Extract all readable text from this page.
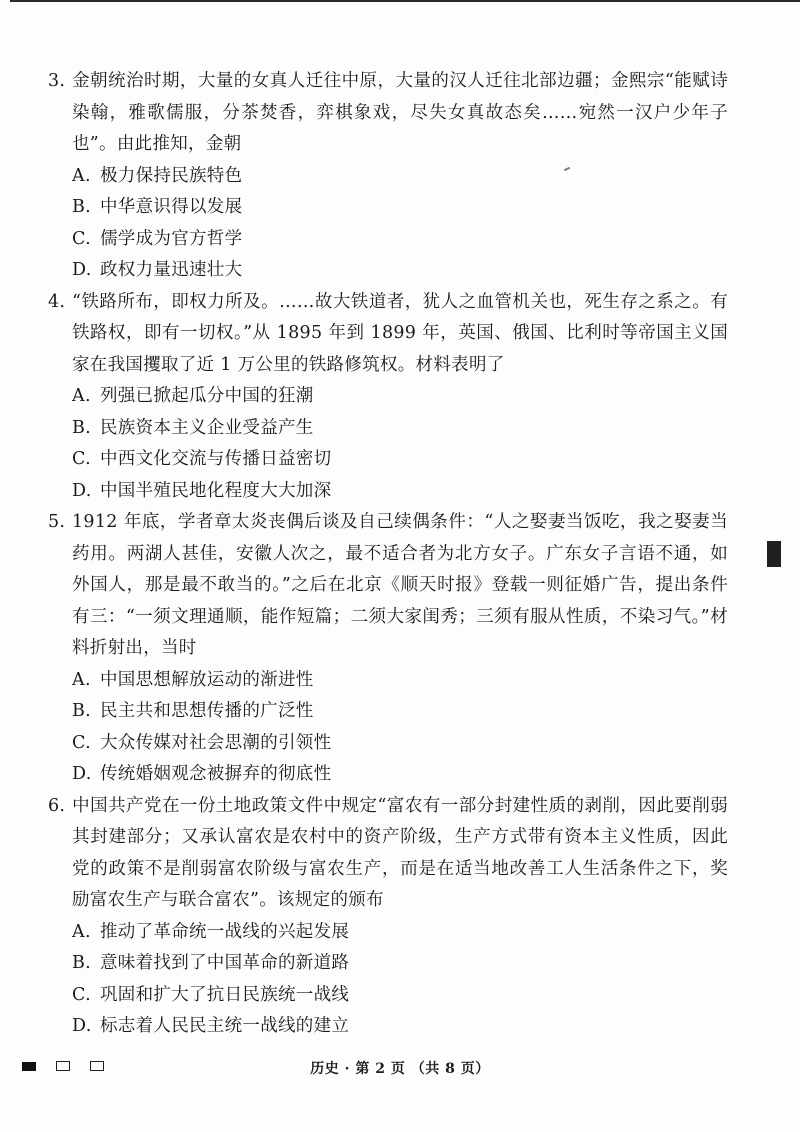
3. 金朝统治时期，大量的女真人迁往中原，大量的汉人迁往北部边疆；金熙宗“能赋诗染翰，雅歌儒服，分茶焚香，弈棋象戏，尽失女真故态矣……宛然一汉户少年子也”。由此推知，金朝

A. 极力保持民族特色
B. 中华意识得以发展
C. 儒学成为官方哲学
D. 政权力量迅速壮大

4. “铁路所布，即权力所及。……故大铁道者，犹人之血管机关也，死生存之系之。有铁路权，即有一切权。”从 1895 年到 1899 年，英国、俄国、比利时等帝国主义国家在我国攫取了近 1 万公里的铁路修筑权。材料表明了

A. 列强已掀起瓜分中国的狂潮
B. 民族资本主义企业受益产生
C. 中西文化交流与传播日益密切
D. 中国半殖民地化程度大大加深

5. 1912 年底，学者章太炎丧偶后谈及自己续偶条件：“人之娶妻当饭吃，我之娶妻当药用。两湖人甚佳，安徽人次之，最不适合者为北方女子。广东女子言语不通，如外国人，那是最不敢当的。”之后在北京《顺天时报》登载一则征婚广告，提出条件有三：“一须文理通顺，能作短篇；二须大家闺秀；三须有服从性质，不染习气。”材料折射出，当时

A. 中国思想解放运动的渐进性
B. 民主共和思想传播的广泛性
C. 大众传媒对社会思潮的引领性
D. 传统婚姻观念被摒弃的彻底性

6. 中国共产党在一份土地政策文件中规定“富农有一部分封建性质的剥削，因此要削弱其封建部分；又承认富农是农村中的资产阶级，生产方式带有资本主义性质，因此党的政策不是削弱富农阶级与富农生产，而是在适当地改善工人生活条件之下，奖励富农生产与联合富农”。该规定的颁布

A. 推动了革命统一战线的兴起发展
B. 意味着找到了中国革命的新道路
C. 巩固和扩大了抗日民族统一战线
D. 标志着人民民主统一战线的建立
历史 · 第 2 页 （共 8 页）
